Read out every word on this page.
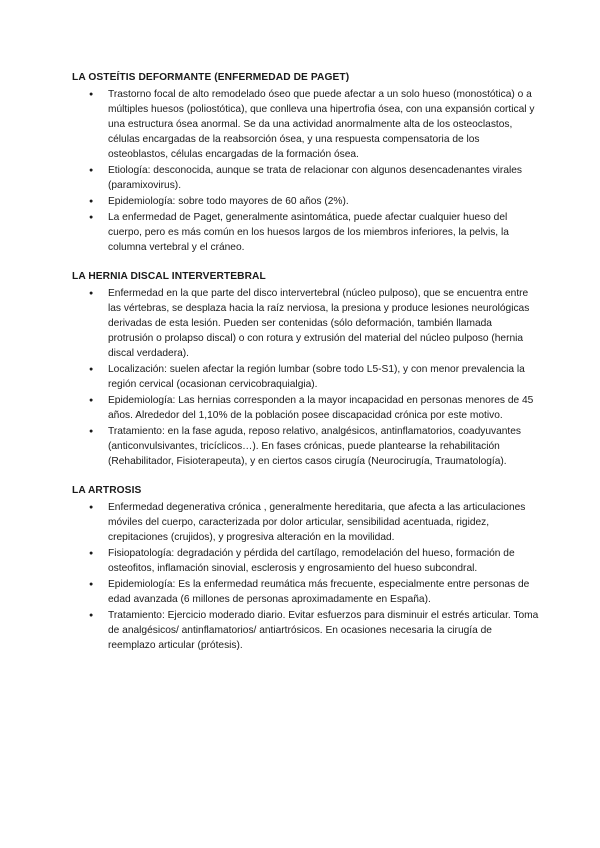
LA OSTEÍTIS DEFORMANTE (ENFERMEDAD DE PAGET)
● Trastorno focal de alto remodelado óseo que puede afectar a un solo hueso (monostótica) o a múltiples huesos (poliostótica), que conlleva una hipertrofia ósea, con una expansión cortical y una estructura ósea anormal. Se da una actividad anormalmente alta de los osteoclastos, células encargadas de la reabsorción ósea, y una respuesta compensatoria de los osteoblastos, células encargadas de la formación ósea.
● Etiología: desconocida, aunque se trata de relacionar con algunos desencadenantes virales (paramixovirus).
● Epidemiología: sobre todo mayores de 60 años (2%).
● La enfermedad de Paget, generalmente asintomática, puede afectar cualquier hueso del cuerpo, pero es más común en los huesos largos de los miembros inferiores, la pelvis, la columna vertebral y el cráneo.
LA HERNIA DISCAL INTERVERTEBRAL
● Enfermedad en la que parte del disco intervertebral (núcleo pulposo), que se encuentra entre las vértebras, se desplaza hacia la raíz nerviosa, la presiona y produce lesiones neurológicas derivadas de esta lesión. Pueden ser contenidas (sólo deformación, también llamada protrusión o prolapso discal) o con rotura y extrusión del material del núcleo pulposo (hernia discal verdadera).
● Localización: suelen afectar la región lumbar (sobre todo L5-S1), y con menor prevalencia la región cervical (ocasionan cervicobraquialgia).
● Epidemiología: Las hernias corresponden a la mayor incapacidad en personas menores de 45 años. Alrededor del 1,10% de la población posee discapacidad crónica por este motivo.
● Tratamiento: en la fase aguda, reposo relativo, analgésicos, antinflamatorios, coadyuvantes (anticonvulsivantes, tricíclicos…). En fases crónicas, puede plantearse la rehabilitación (Rehabilitador, Fisioterapeuta), y en ciertos casos cirugía (Neurocirugía, Traumatología).
LA ARTROSIS
● Enfermedad degenerativa crónica , generalmente hereditaria, que afecta a las articulaciones móviles del cuerpo, caracterizada por dolor articular, sensibilidad acentuada, rigidez, crepitaciones (crujidos), y progresiva alteración en la movilidad.
● Fisiopatología: degradación y pérdida del cartílago, remodelación del hueso, formación de osteofitos, inflamación sinovial, esclerosis y engrosamiento del hueso subcondral.
● Epidemiología: Es la enfermedad reumática más frecuente, especialmente entre personas de edad avanzada (6 millones de personas aproximadamente en España).
● Tratamiento: Ejercicio moderado diario. Evitar esfuerzos para disminuir el estrés articular. Toma de analgésicos/ antinflamatorios/ antiartrósicos. En ocasiones necesaria la cirugía de reemplazo articular (prótesis).
